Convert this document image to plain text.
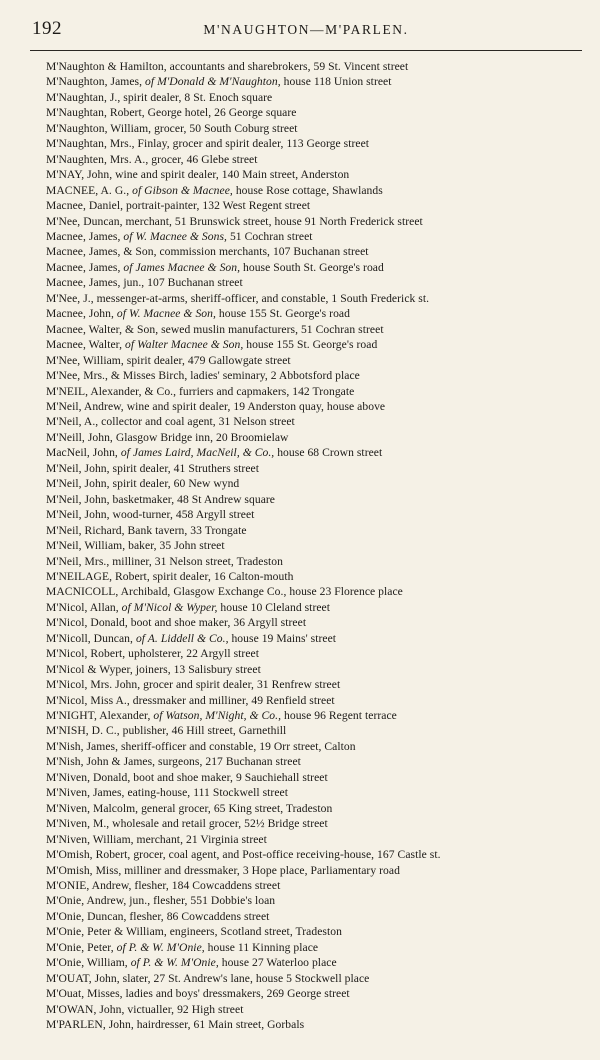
192	M'NAUGHTON—M'PARLEN.
M'Naughton & Hamilton, accountants and sharebrokers, 59 St. Vincent street
M'Naughton, James, of M'Donald & M'Naughton, house 118 Union street
M'Naughtan, J., spirit dealer, 8 St. Enoch square
M'Naughtan, Robert, George hotel, 26 George square
M'Naughton, William, grocer, 50 South Coburg street
M'Naughtan, Mrs., Finlay, grocer and spirit dealer, 113 George street
M'Naughten, Mrs. A., grocer, 46 Glebe street
M'NAY, John, wine and spirit dealer, 140 Main street, Anderston
MACNEE, A. G., of Gibson & Macnee, house Rose cottage, Shawlands
Macnee, Daniel, portrait-painter, 132 West Regent street
M'Nee, Duncan, merchant, 51 Brunswick street, house 91 North Frederick street
Macnee, James, of W. Macnee & Sons, 51 Cochran street
Macnee, James, & Son, commission merchants, 107 Buchanan street
Macnee, James, of James Macnee & Son, house South St. George's road
Macnee, James, jun., 107 Buchanan street
M'Nee, J., messenger-at-arms, sheriff-officer, and constable, 1 South Frederick st.
Macnee, John, of W. Macnee & Son, house 155 St. George's road
Macnee, Walter, & Son, sewed muslin manufacturers, 51 Cochran street
Macnee, Walter, of Walter Macnee & Son, house 155 St. George's road
M'Nee, William, spirit dealer, 479 Gallowgate street
M'Nee, Mrs., & Misses Birch, ladies' seminary, 2 Abbotsford place
M'NEIL, Alexander, & Co., furriers and capmakers, 142 Trongate
M'Neil, Andrew, wine and spirit dealer, 19 Anderston quay, house above
M'Neil, A., collector and coal agent, 31 Nelson street
M'Neill, John, Glasgow Bridge inn, 20 Broomielaw
MacNeil, John, of James Laird, MacNeil, & Co., house 68 Crown street
M'Neil, John, spirit dealer, 41 Struthers street
M'Neil, John, spirit dealer, 60 New wynd
M'Neil, John, basketmaker, 48 St Andrew square
M'Neil, John, wood-turner, 458 Argyll street
M'Neil, Richard, Bank tavern, 33 Trongate
M'Neil, William, baker, 35 John street
M'Neil, Mrs., milliner, 31 Nelson street, Tradeston
M'NEILAGE, Robert, spirit dealer, 16 Calton-mouth
MACNICOLL, Archibald, Glasgow Exchange Co., house 23 Florence place
M'Nicol, Allan, of M'Nicol & Wyper, house 10 Cleland street
M'Nicol, Donald, boot and shoe maker, 36 Argyll street
M'Nicoll, Duncan, of A. Liddell & Co., house 19 Mains' street
M'Nicol, Robert, upholsterer, 22 Argyll street
M'Nicol & Wyper, joiners, 13 Salisbury street
M'Nicol, Mrs. John, grocer and spirit dealer, 31 Renfrew street
M'Nicol, Miss A., dressmaker and milliner, 49 Renfield street
M'NIGHT, Alexander, of Watson, M'Night, & Co., house 96 Regent terrace
M'NISH, D. C., publisher, 46 Hill street, Garnethill
M'Nish, James, sheriff-officer and constable, 19 Orr street, Calton
M'Nish, John & James, surgeons, 217 Buchanan street
M'Niven, Donald, boot and shoe maker, 9 Sauchiehall street
M'Niven, James, eating-house, 111 Stockwell street
M'Niven, Malcolm, general grocer, 65 King street, Tradeston
M'Niven, M., wholesale and retail grocer, 52½ Bridge street
M'Niven, William, merchant, 21 Virginia street
M'Omish, Robert, grocer, coal agent, and Post-office receiving-house, 167 Castle st.
M'Omish, Miss, milliner and dressmaker, 3 Hope place, Parliamentary road
M'ONIE, Andrew, flesher, 184 Cowcaddens street
M'Onie, Andrew, jun., flesher, 551 Dobbie's loan
M'Onie, Duncan, flesher, 86 Cowcaddens street
M'Onie, Peter & William, engineers, Scotland street, Tradeston
M'Onie, Peter, of P. & W. M'Onie, house 11 Kinning place
M'Onie, William, of P. & W. M'Onie, house 27 Waterloo place
M'OUAT, John, slater, 27 St. Andrew's lane, house 5 Stockwell place
M'Ouat, Misses, ladies and boys' dressmakers, 269 George street
M'OWAN, John, victualler, 92 High street
M'PARLEN, John, hairdresser, 61 Main street, Gorbals
